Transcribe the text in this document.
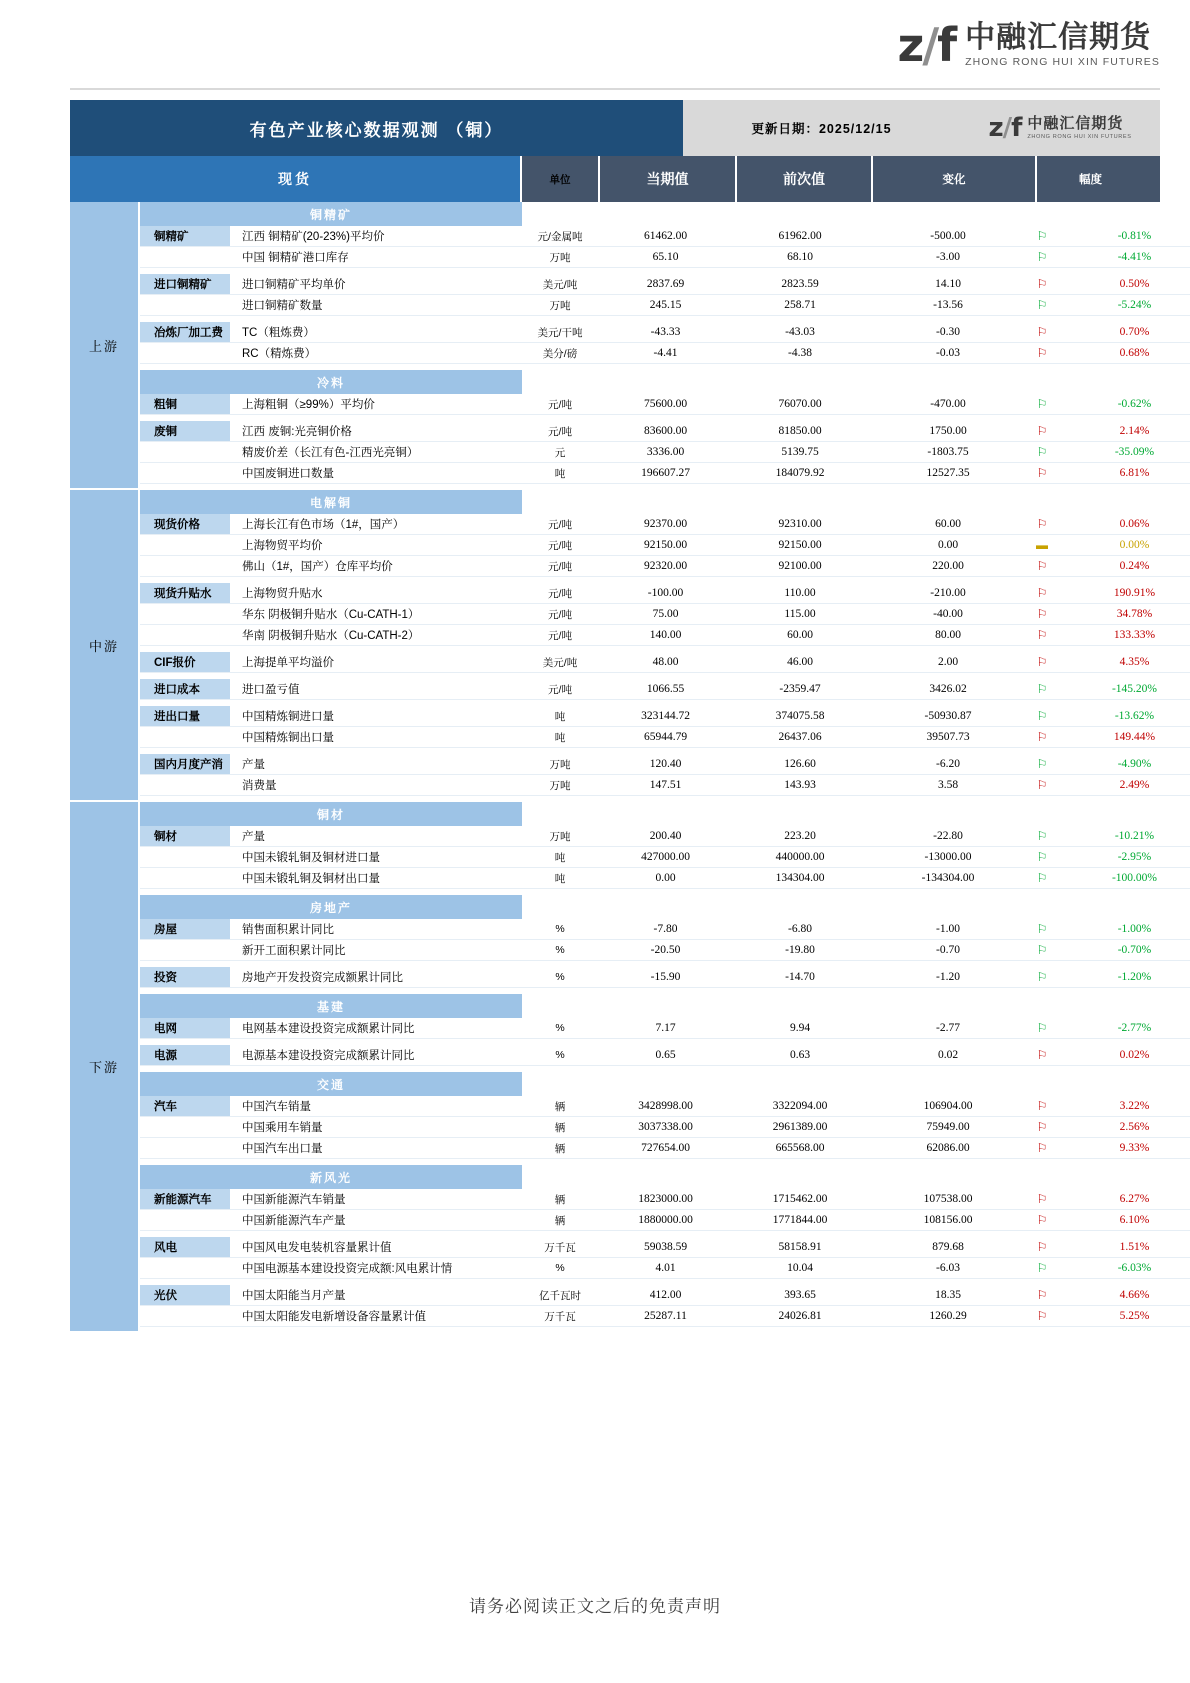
z/f 中融汇信期货
ZHONG RONG HUI XIN FUTURES
有色产业核心数据观测 （铜）	更新日期：2025/12/15	z/f 中融汇信期货
ZHONG RONG HUI XIN FUTURES
现货	单位	当期值	前次值	变化	幅度
上游
铜精矿
铜精矿	江西 铜精矿(20-23%)平均价	元/金属吨	61462.00	61962.00	-500.00	⚐	-0.81%
中国 铜精矿港口库存	万吨	65.10	68.10	-3.00	⚐	-4.41%
进口铜精矿	进口铜精矿平均单价	美元/吨	2837.69	2823.59	14.10	⚐	0.50%
进口铜精矿数量	万吨	245.15	258.71	-13.56	⚐	-5.24%
冶炼厂加工费	TC（粗炼费）	美元/干吨	-43.33	-43.03	-0.30	⚐	0.70%
RC（精炼费）	美分/磅	-4.41	-4.38	-0.03	⚐	0.68%
冷料
粗铜	上海粗铜（≥99%）平均价	元/吨	75600.00	76070.00	-470.00	⚐	-0.62%
废铜	江西 废铜:光亮铜价格	元/吨	83600.00	81850.00	1750.00	⚐	2.14%
精废价差（长江有色-江西光亮铜）	元	3336.00	5139.75	-1803.75	⚐	-35.09%
中国废铜进口数量	吨	196607.27	184079.92	12527.35	⚐	6.81%
中游
电解铜
现货价格	上海长江有色市场（1#，国产）	元/吨	92370.00	92310.00	60.00	⚐	0.06%
上海物贸平均价	元/吨	92150.00	92150.00	0.00	▬	0.00%
佛山（1#，国产）仓库平均价	元/吨	92320.00	92100.00	220.00	⚐	0.24%
现货升贴水	上海物贸升贴水	元/吨	-100.00	110.00	-210.00	⚐	190.91%
华东 阴极铜升贴水（Cu-CATH-1）	元/吨	75.00	115.00	-40.00	⚐	34.78%
华南 阴极铜升贴水（Cu-CATH-2）	元/吨	140.00	60.00	80.00	⚐	133.33%
CIF报价	上海提单平均溢价	美元/吨	48.00	46.00	2.00	⚐	4.35%
进口成本	进口盈亏值	元/吨	1066.55	-2359.47	3426.02	⚐	-145.20%
进出口量	中国精炼铜进口量	吨	323144.72	374075.58	-50930.87	⚐	-13.62%
中国精炼铜出口量	吨	65944.79	26437.06	39507.73	⚐	149.44%
国内月度产消	产量	万吨	120.40	126.60	-6.20	⚐	-4.90%
消费量	万吨	147.51	143.93	3.58	⚐	2.49%
下游
铜材
铜材	产量	万吨	200.40	223.20	-22.80	⚐	-10.21%
中国未锻轧铜及铜材进口量	吨	427000.00	440000.00	-13000.00	⚐	-2.95%
中国未锻轧铜及铜材出口量	吨	0.00	134304.00	-134304.00	⚐	-100.00%
房地产
房屋	销售面积累计同比	%	-7.80	-6.80	-1.00	⚐	-1.00%
新开工面积累计同比	%	-20.50	-19.80	-0.70	⚐	-0.70%
投资	房地产开发投资完成额累计同比	%	-15.90	-14.70	-1.20	⚐	-1.20%
基建
电网	电网基本建设投资完成额累计同比	%	7.17	9.94	-2.77	⚐	-2.77%
电源	电源基本建设投资完成额累计同比	%	0.65	0.63	0.02	⚐	0.02%
交通
汽车	中国汽车销量	辆	3428998.00	3322094.00	106904.00	⚐	3.22%
中国乘用车销量	辆	3037338.00	2961389.00	75949.00	⚐	2.56%
中国汽车出口量	辆	727654.00	665568.00	62086.00	⚐	9.33%
新风光
新能源汽车	中国新能源汽车销量	辆	1823000.00	1715462.00	107538.00	⚐	6.27%
中国新能源汽车产量	辆	1880000.00	1771844.00	108156.00	⚐	6.10%
风电	中国风电发电装机容量累计值	万千瓦	59038.59	58158.91	879.68	⚐	1.51%
中国电源基本建设投资完成额:风电累计情	%	4.01	10.04	-6.03	⚐	-6.03%
光伏	中国太阳能当月产量	亿千瓦时	412.00	393.65	18.35	⚐	4.66%
中国太阳能发电新增设备容量累计值	万千瓦	25287.11	24026.81	1260.29	⚐	5.25%
请务必阅读正文之后的免责声明
